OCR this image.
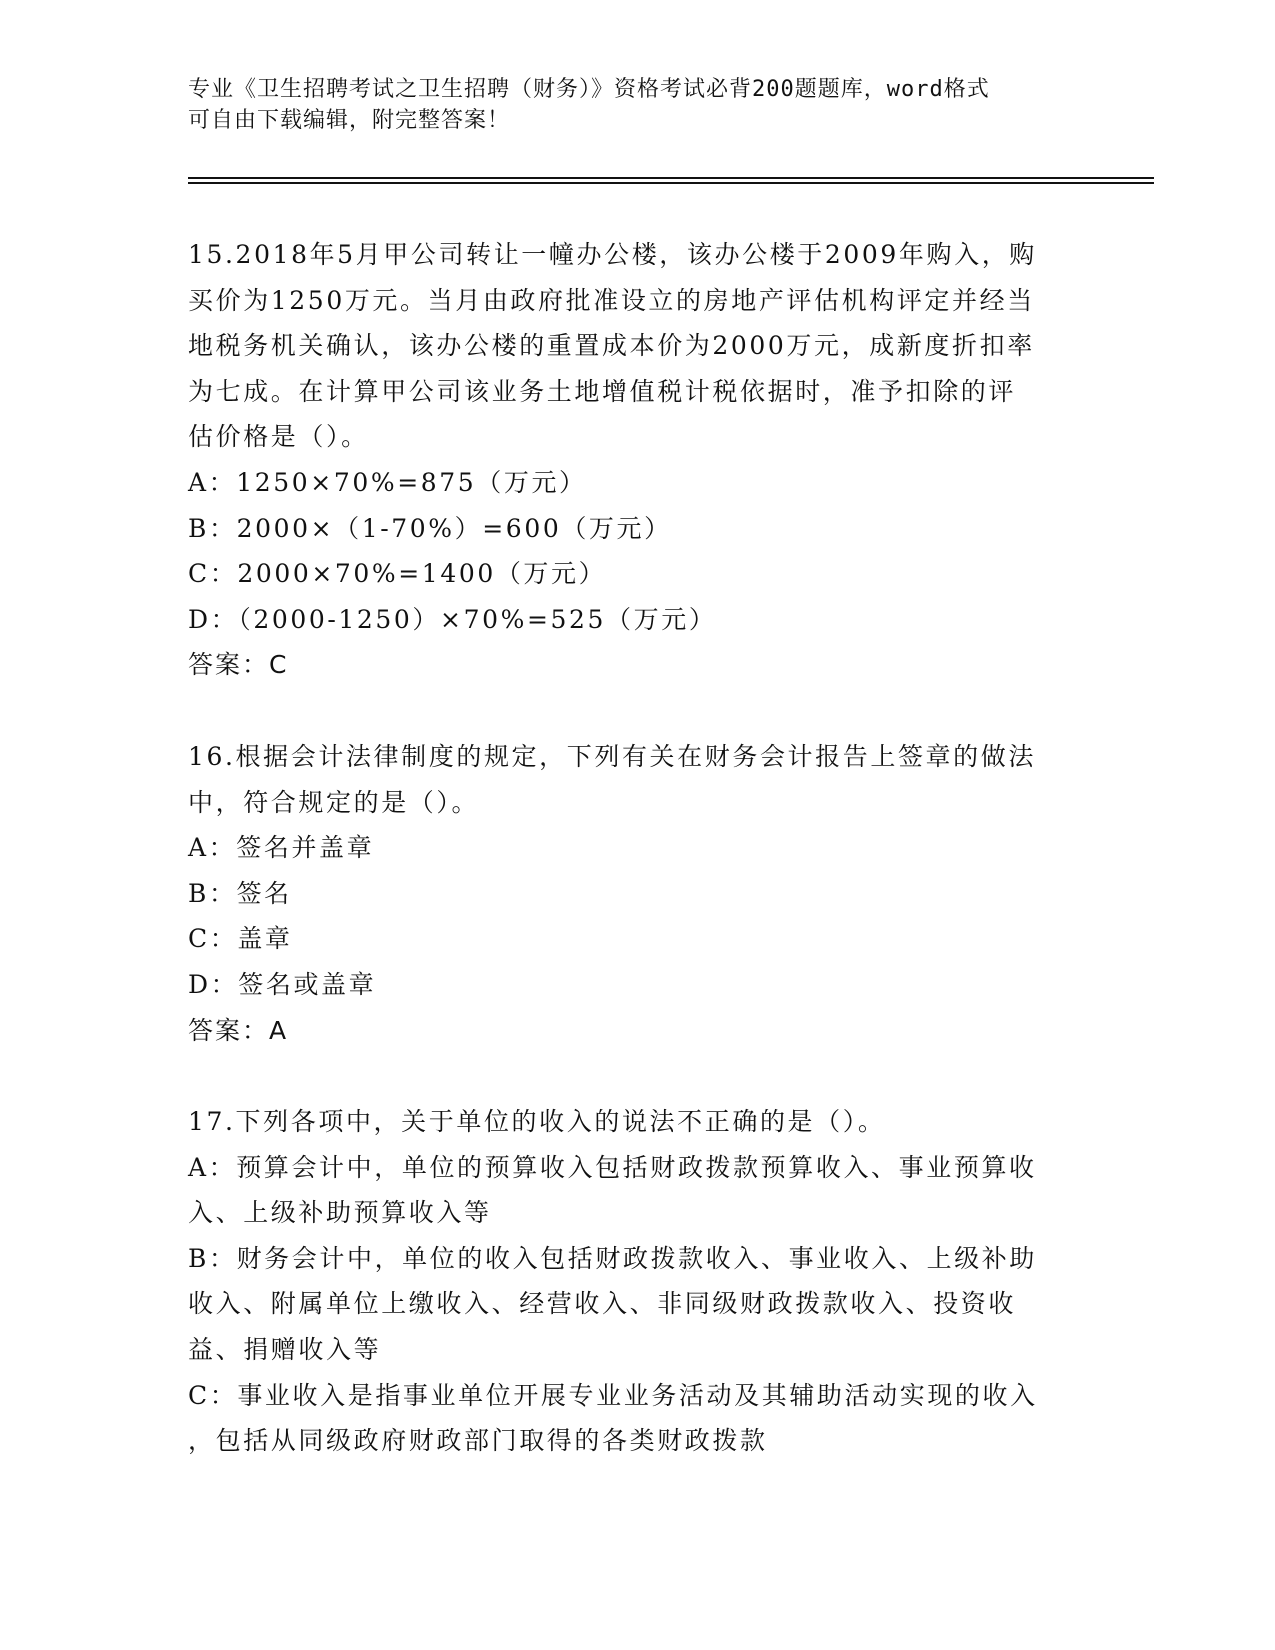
专业《卫生招聘考试之卫生招聘（财务）》资格考试必背200题题库，word格式
可自由下载编辑，附完整答案！
15.2018年5月甲公司转让一幢办公楼，该办公楼于2009年购入，购
买价为1250万元。当月由政府批准设立的房地产评估机构评定并经当
地税务机关确认，该办公楼的重置成本价为2000万元，成新度折扣率
为七成。在计算甲公司该业务土地增值税计税依据时，准予扣除的评
估价格是（）。
A：1250×70%=875（万元）
B：2000×（1-70%）=600（万元）
C：2000×70%=1400（万元）
D：（2000-1250）×70%=525（万元）
答案：C
16.根据会计法律制度的规定，下列有关在财务会计报告上签章的做法
中，符合规定的是（）。
A：签名并盖章
B：签名
C：盖章
D：签名或盖章
答案：A
17.下列各项中，关于单位的收入的说法不正确的是（）。
A：预算会计中，单位的预算收入包括财政拨款预算收入、事业预算收
入、上级补助预算收入等
B：财务会计中，单位的收入包括财政拨款收入、事业收入、上级补助
收入、附属单位上缴收入、经营收入、非同级财政拨款收入、投资收
益、捐赠收入等
C：事业收入是指事业单位开展专业业务活动及其辅助活动实现的收入
，包括从同级政府财政部门取得的各类财政拨款
